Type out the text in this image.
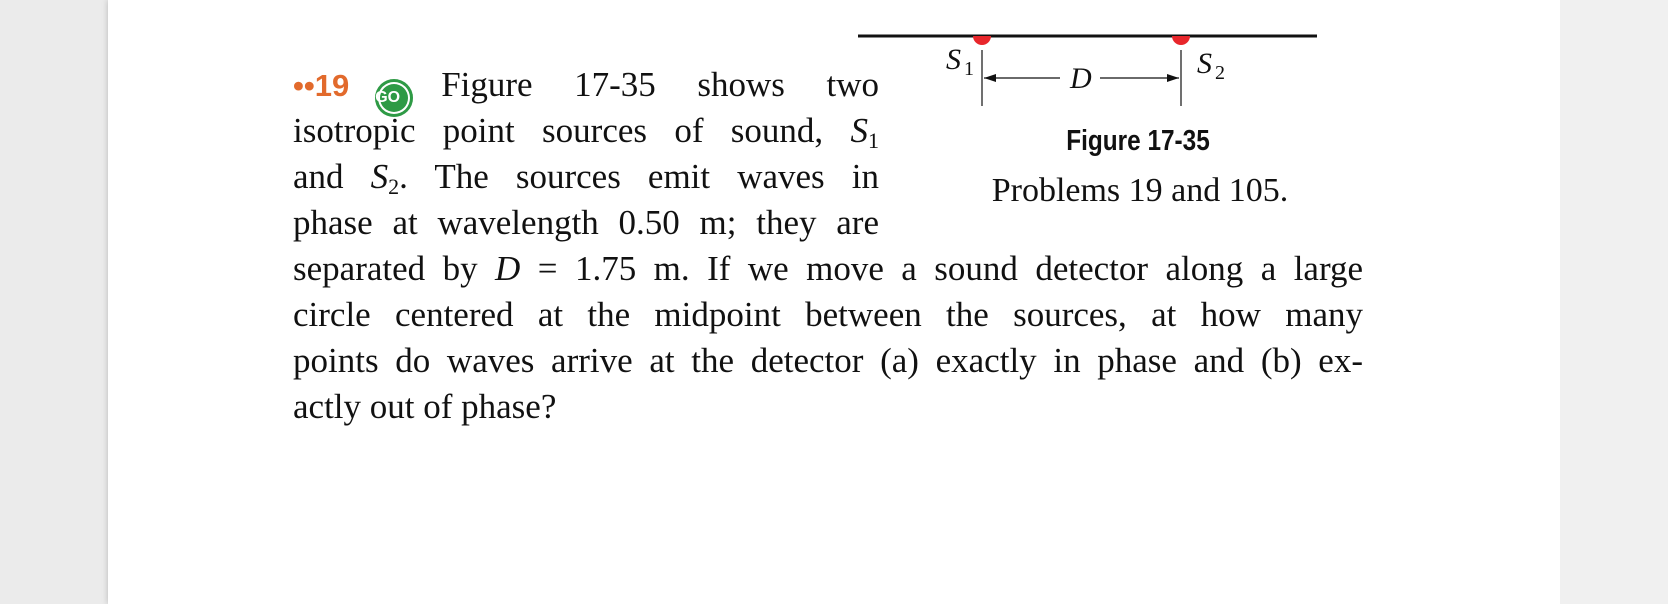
S 1	S 2
D
Figure 17-35
Problems 19 and 105.
••19 GO Figure 17-35 shows two
isotropic point sources of sound, $S_1$
and $S_2$. The sources emit waves in
phase at wavelength 0.50 m; they are
separated by D = 1.75 m. If we move a sound detector along a large
circle centered at the midpoint between the sources, at how many
points do waves arrive at the detector (a) exactly in phase and (b) ex-
actly out of phase?
